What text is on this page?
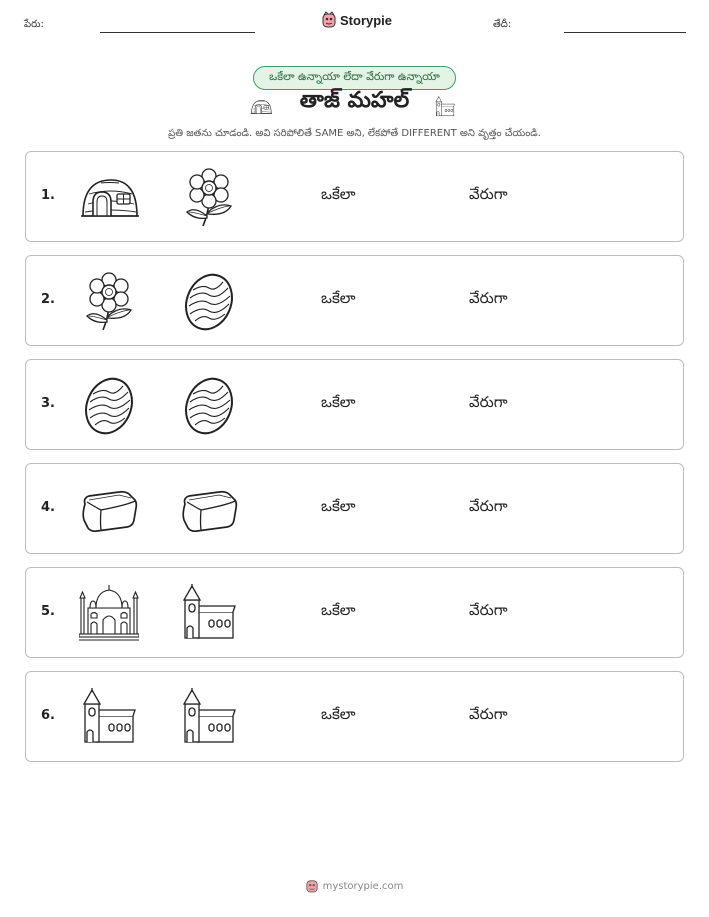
పేరు:	Storypie	తేదీ:
ఒకేలా ఉన్నాయా లేదా వేరుగా ఉన్నాయా
తాజ్ మహల్
ప్రతి జతను చూడండి. అవి సరిపోలితే SAME అని, లేకపోతే DIFFERENT అని వృత్తం చేయండి.
1.	ఒకేలా	వేరుగా
2.	ఒకేలా	వేరుగా
3.	ఒకేలా	వేరుగా
4.	ఒకేలా	వేరుగా
5.	ఒకేలా	వేరుగా
6.	ఒకేలా	వేరుగా
mystorypie.com
